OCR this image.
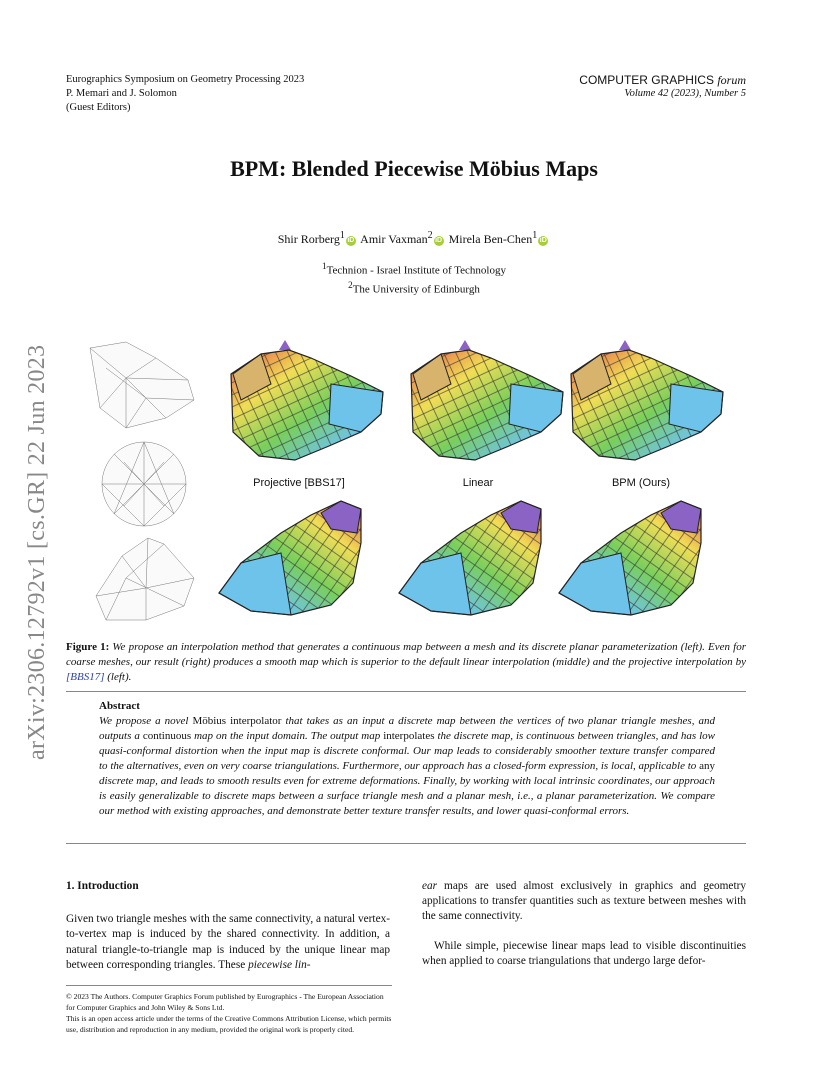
Eurographics Symposium on Geometry Processing 2023
P. Memari and J. Solomon
(Guest Editors)
COMPUTER GRAPHICS forum
Volume 42 (2023), Number 5
arXiv:2306.12792v1 [cs.GR] 22 Jun 2023
BPM: Blended Piecewise Möbius Maps
Shir Rorberg$^1$ iD Amir Vaxman$^2$ iD Mirela Ben-Chen$^1$ iD
$^1$Technion - Israel Institute of Technology
$^2$The University of Edinburgh
Projective [BBS17]	Linear	BPM (Ours)
Figure 1: We propose an interpolation method that generates a continuous map between a mesh and its discrete planar parameterization (left). Even for coarse meshes, our result (right) produces a smooth map which is superior to the default linear interpolation (middle) and the projective interpolation by [BBS17] (left).
Abstract
We propose a novel Möbius interpolator that takes as an input a discrete map between the vertices of two planar triangle meshes, and outputs a continuous map on the input domain. The output map interpolates the discrete map, is continuous between triangles, and has low quasi-conformal distortion when the input map is discrete conformal. Our map leads to considerably smoother texture transfer compared to the alternatives, even on very coarse triangulations. Furthermore, our approach has a closed-form expression, is local, applicable to any discrete map, and leads to smooth results even for extreme deformations. Finally, by working with local intrinsic coordinates, our approach is easily generalizable to discrete maps between a surface triangle mesh and a planar mesh, i.e., a planar parameterization. We compare our method with existing approaches, and demonstrate better texture transfer results, and lower quasi-conformal errors.
1. Introduction
Given two triangle meshes with the same connectivity, a natural vertex-to-vertex map is induced by the shared connectivity. In addition, a natural triangle-to-triangle map is induced by the unique linear map between corresponding triangles. These piecewise lin-
ear maps are used almost exclusively in graphics and geometry applications to transfer quantities such as texture between meshes with the same connectivity.
While simple, piecewise linear maps lead to visible discontinuities when applied to coarse triangulations that undergo large defor-
© 2023 The Authors. Computer Graphics Forum published by Eurographics - The European Association for Computer Graphics and John Wiley & Sons Ltd.
This is an open access article under the terms of the Creative Commons Attribution License, which permits use, distribution and reproduction in any medium, provided the original work is properly cited.
